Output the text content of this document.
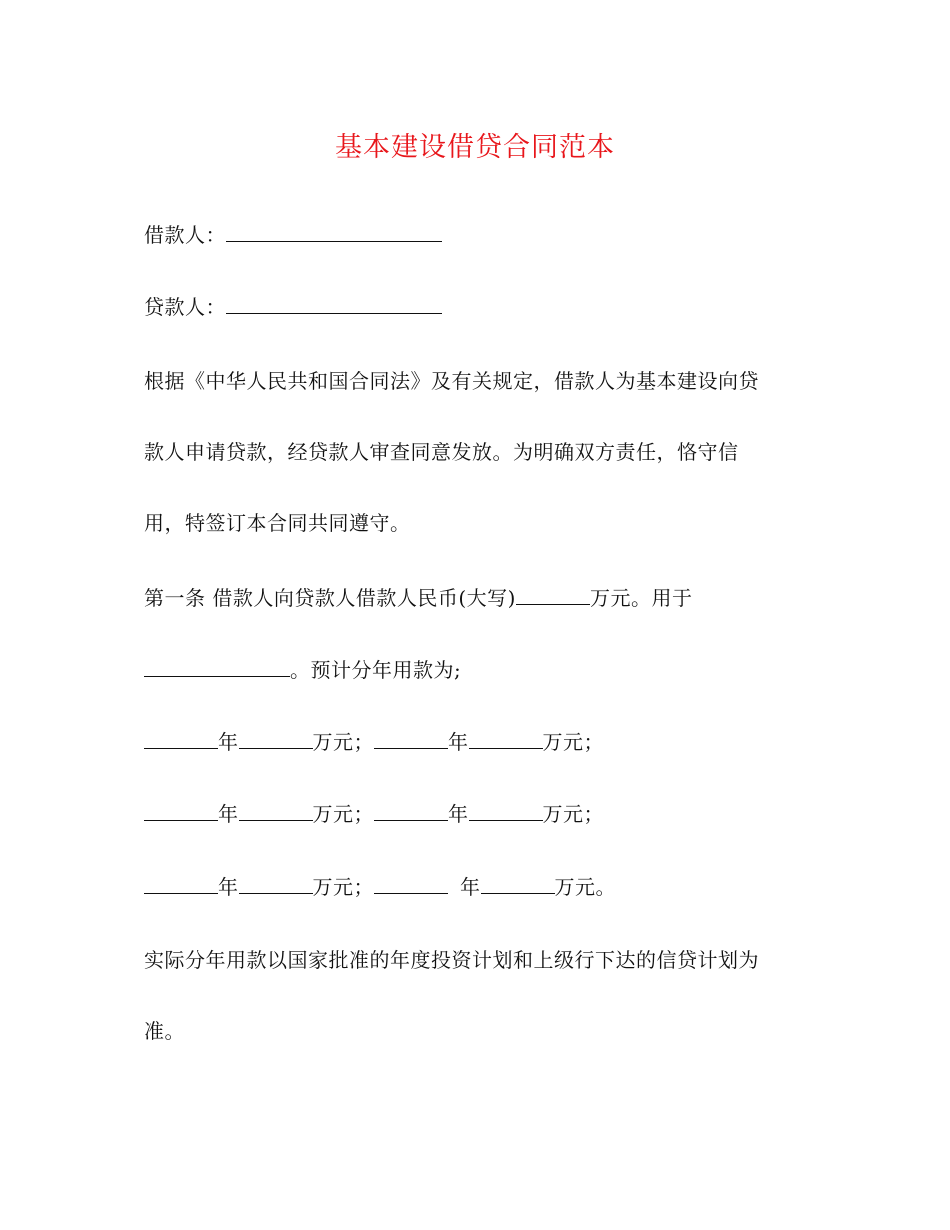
基本建设借贷合同范本
借款人：
贷款人：
根据《中华人民共和国合同法》及有关规定，借款人为基本建设向贷
款人申请贷款，经贷款人审查同意发放。为明确双方责任，恪守信
用，特签订本合同共同遵守。
第一条 借款人向贷款人借款人民币(大写)	万元。用于
。预计分年用款为;
年	万元；	年	万元；
年	万元；	年	万元；
年	万元；	年	万元。
实际分年用款以国家批准的年度投资计划和上级行下达的信贷计划为
准。
